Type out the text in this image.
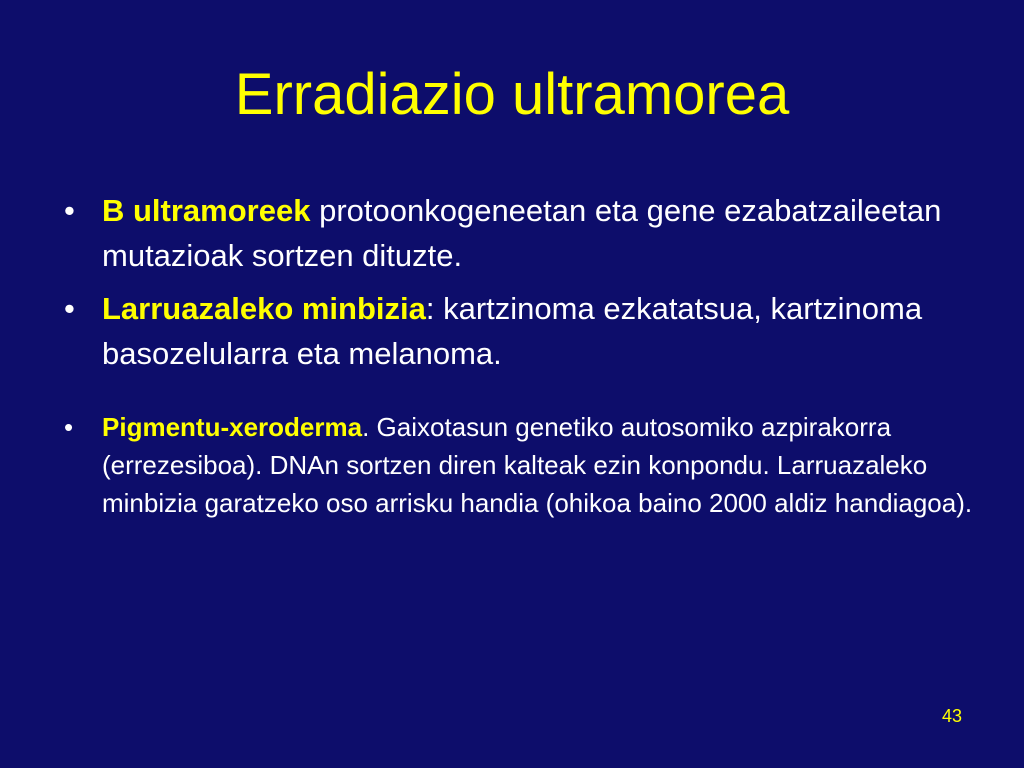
Erradiazio ultramorea
• B ultramoreek protoonkogeneetan eta gene ezabatzaileetan mutazioak sortzen dituzte.
• Larruazaleko minbizia: kartzinoma ezkatatsua, kartzinoma basozelularra eta melanoma.
• Pigmentu-xeroderma. Gaixotasun genetiko autosomiko azpirakorra (errezesiboa). DNAn sortzen diren kalteak ezin konpondu. Larruazaleko minbizia garatzeko oso arrisku handia (ohikoa baino 2000 aldiz handiagoa).
43
